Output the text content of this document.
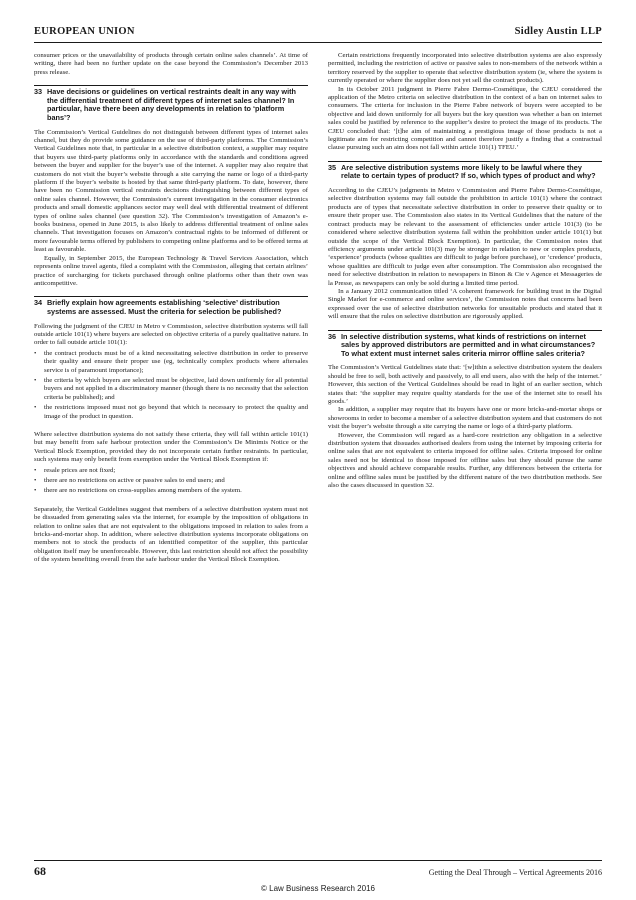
EUROPEAN UNION	Sidley Austin LLP

consumer prices or the unavailability of products through certain online sales channels’. At time of writing, there had been no further update on the case beyond the Commission’s December 2013 press release.

33 Have decisions or guidelines on vertical restraints dealt in any way with the differential treatment of different types of internet sales channel? In particular, have there been any developments in relation to ‘platform bans’?

The Commission’s Vertical Guidelines do not distinguish between different types of internet sales channel, but they do provide some guidance on the use of third-party platforms. The Commission’s Vertical Guidelines note that, in particular in a selective distribution context, a supplier may require that buyers use third-party platforms only in accordance with the standards and conditions agreed between the buyer and supplier for the buyer’s use of the internet. A supplier may also require that customers do not visit the buyer’s website through a site carrying the name or logo of a third-party platform if the buyer’s website is hosted by that same third-party platform. To date, however, there have been no Commission vertical restraints decisions distinguishing between different types of online sales channel. However, the Commission’s current investigation in the consumer electronics products and small domestic appliances sector may well deal with differential treatment of different types of online sales channel (see question 32). The Commission’s investigation of Amazon’s e-books business, opened in June 2015, is also likely to address differential treatment of online sales channels. That investigation focuses on Amazon’s contractual rights to be informed of different or more favourable terms offered by publishers to competing online platforms and to be offered terms at least as favourable.

Equally, in September 2015, the European Technology & Travel Services Association, which represents online travel agents, filed a complaint with the Commission, alleging that certain airlines’ practice of surcharging for tickets purchased through online platforms other than their own was anticompetitive.

34 Briefly explain how agreements establishing ‘selective’ distribution systems are assessed. Must the criteria for selection be published?

Following the judgment of the CJEU in Metro v Commission, selective distribution systems will fall outside article 101(1) where buyers are selected on objective criteria of a purely qualitative nature. In order to fall outside article 101(1):

• the contract products must be of a kind necessitating selective distribution in order to preserve their quality and ensure their proper use (eg, technically complex products where aftersales service is of paramount importance);
• the criteria by which buyers are selected must be objective, laid down uniformly for all potential buyers and not applied in a discriminatory manner (though there is no necessity that the selection criteria be published); and
• the restrictions imposed must not go beyond that which is necessary to protect the quality and image of the product in question.

Where selective distribution systems do not satisfy these criteria, they will fall within article 101(1) but may benefit from safe harbour protection under the Commission’s De Minimis Notice or the Vertical Block Exemption, provided they do not incorporate certain further restraints. In particular, such systems may only benefit from exemption under the Vertical Block Exemption if:

• resale prices are not fixed;
• there are no restrictions on active or passive sales to end users; and
• there are no restrictions on cross-supplies among members of the system.

Separately, the Vertical Guidelines suggest that members of a selective distribution system must not be dissuaded from generating sales via the internet, for example by the imposition of obligations in relation to online sales that are not equivalent to the obligations imposed in relation to sales from a bricks-and-mortar shop. In addition, where selective distribution systems incorporate obligations on members not to stock the products of an identified competitor of the supplier, this particular obligation itself may be unenforceable. However, this last restriction should not affect the possibility of the system benefiting overall from the safe harbour under the Vertical Block Exemption.

Certain restrictions frequently incorporated into selective distribution systems are also expressly permitted, including the restriction of active or passive sales to non-members of the network within a territory reserved by the supplier to operate that selective distribution system (ie, where the system is currently operated or where the supplier does not yet sell the contract products).

In its October 2011 judgment in Pierre Fabre Dermo-Cosmétique, the CJEU considered the application of the Metro criteria on selective distribution in the context of a ban on internet sales to consumers. The criteria for inclusion in the Pierre Fabre network of buyers were accepted to be objective and laid down uniformly for all buyers but the key question was whether a ban on internet sales could be justified by reference to the supplier’s desire to protect the image of its products. The CJEU concluded that: ‘[t]he aim of maintaining a prestigious image of those products is not a legitimate aim for restricting competition and cannot therefore justify a finding that a contractual clause pursuing such an aim does not fall within article 101(1) TFEU.’

35 Are selective distribution systems more likely to be lawful where they relate to certain types of product? If so, which types of product and why?

According to the CJEU’s judgments in Metro v Commission and Pierre Fabre Dermo-Cosmétique, selective distribution systems may fall outside the prohibition in article 101(1) where the contract products are of types that necessitate selective distribution in order to preserve their quality or to ensure their proper use. The Commission also states in its Vertical Guidelines that the nature of the contract products may be relevant to the assessment of efficiencies under article 101(3) (to be considered where selective distribution systems fall within the prohibition under article 101(1) but outside the scope of the Vertical Block Exemption). In particular, the Commission notes that efficiency arguments under article 101(3) may be stronger in relation to new or complex products, ‘experience’ products (whose qualities are difficult to judge before purchase), or ‘credence’ products, whose qualities are difficult to judge even after consumption. The Commission also recognised the need for selective distribution in relation to newspapers in Binon & Cie v Agence et Messageries de la Presse, as newspapers can only be sold during a limited time period.

In a January 2012 communication titled ‘A coherent framework for building trust in the Digital Single Market for e-commerce and online services’, the Commission notes that concerns had been expressed over the use of selective distribution networks for unsuitable products and stated that it will ensure that the rules on selective distribution are rigorously applied.

36 In selective distribution systems, what kinds of restrictions on internet sales by approved distributors are permitted and in what circumstances? To what extent must internet sales criteria mirror offline sales criteria?

The Commission’s Vertical Guidelines state that: ‘[w]ithin a selective distribution system the dealers should be free to sell, both actively and passively, to all end users, also with the help of the internet.’ However, this section of the Vertical Guidelines should be read in light of an earlier section, which states that: ‘the supplier may require quality standards for the use of the internet site to resell his goods.’

In addition, a supplier may require that its buyers have one or more bricks-and-mortar shops or showrooms in order to become a member of a selective distribution system and that customers do not visit the buyer’s website through a site carrying the name or logo of a third-party platform.

However, the Commission will regard as a hard-core restriction any obligation in a selective distribution system that dissuades authorised dealers from using the internet by imposing criteria for online sales that are not equivalent to criteria imposed for offline sales. Criteria imposed for online sales need not be identical to those imposed for offline sales but they should pursue the same objectives and should achieve comparable results. Further, any differences between the criteria for online and offline sales must be justified by the different nature of the two distribution methods. See also the cases discussed in question 32.

68	Getting the Deal Through – Vertical Agreements 2016
© Law Business Research 2016
